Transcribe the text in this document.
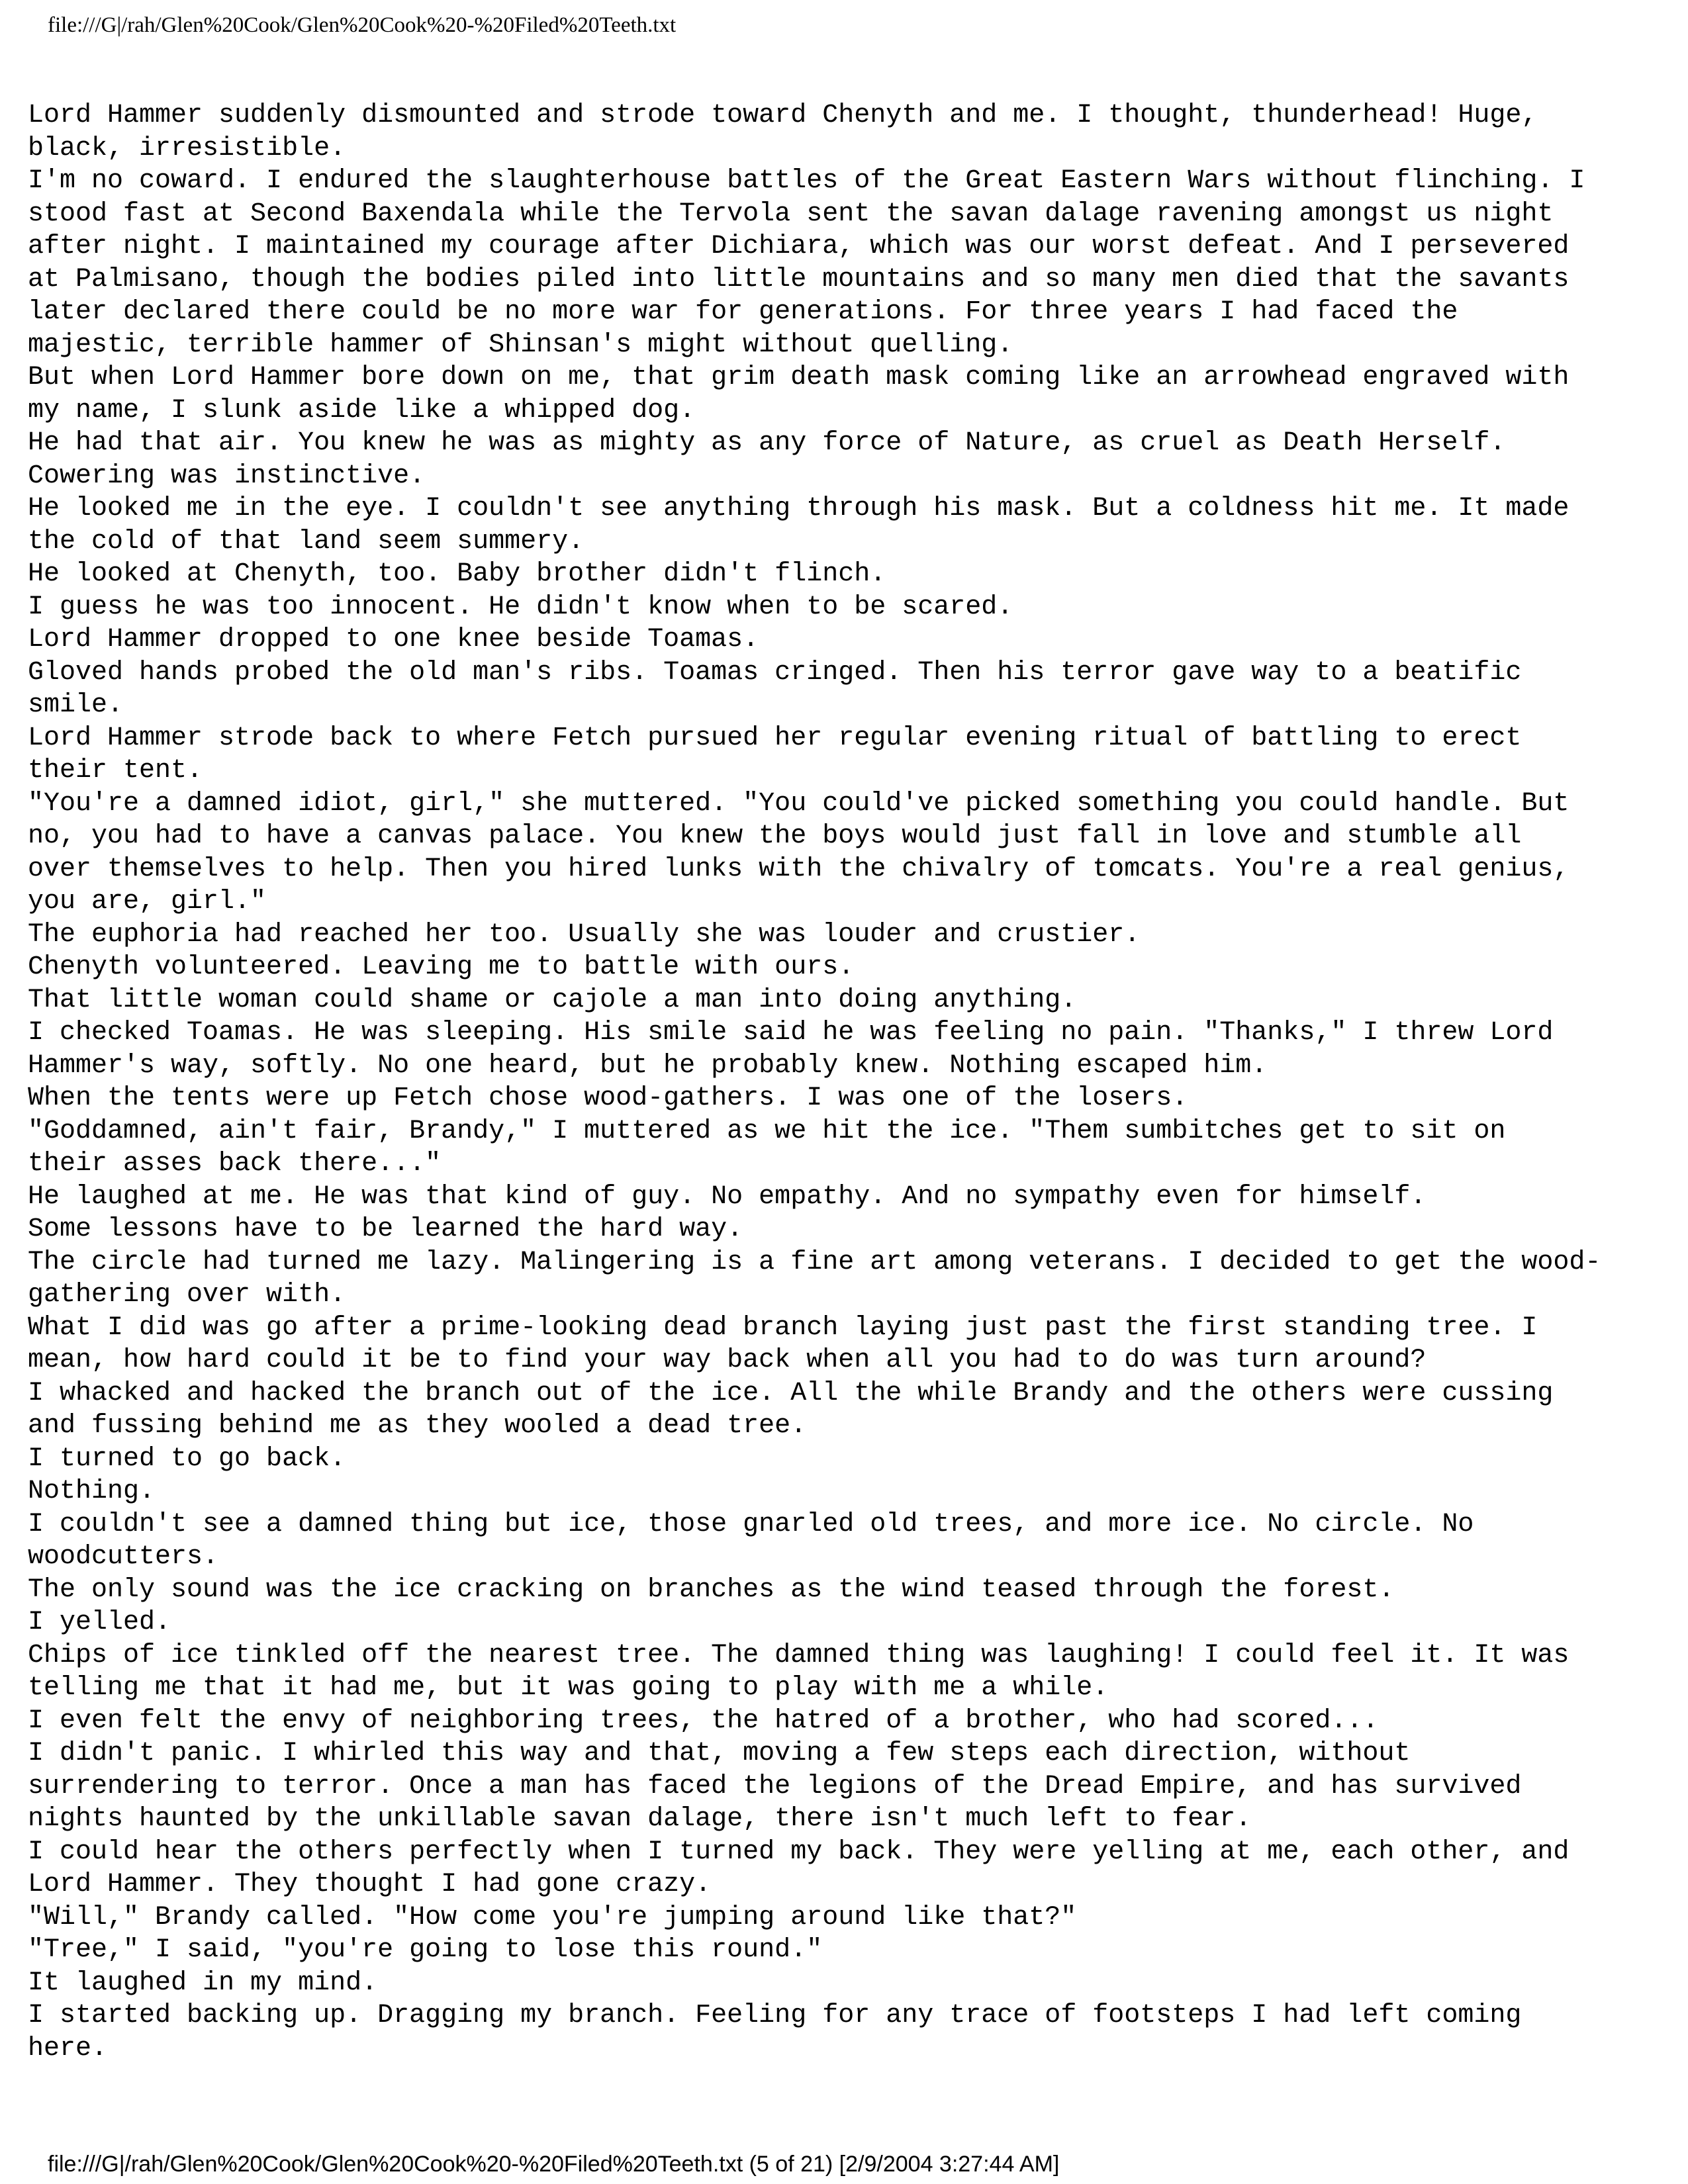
file:///G|/rah/Glen%20Cook/Glen%20Cook%20-%20Filed%20Teeth.txt
Lord Hammer suddenly dismounted and strode toward Chenyth and me. I thought, thunderhead! Huge,
black, irresistible.
I'm no coward. I endured the slaughterhouse battles of the Great Eastern Wars without flinching. I
stood fast at Second Baxendala while the Tervola sent the savan dalage ravening amongst us night
after night. I maintained my courage after Dichiara, which was our worst defeat. And I persevered
at Palmisano, though the bodies piled into little mountains and so many men died that the savants
later declared there could be no more war for generations. For three years I had faced the
majestic, terrible hammer of Shinsan's might without quelling.
But when Lord Hammer bore down on me, that grim death mask coming like an arrowhead engraved with
my name, I slunk aside like a whipped dog.
He had that air. You knew he was as mighty as any force of Nature, as cruel as Death Herself.
Cowering was instinctive.
He looked me in the eye. I couldn't see anything through his mask. But a coldness hit me. It made
the cold of that land seem summery.
He looked at Chenyth, too. Baby brother didn't flinch.
I guess he was too innocent. He didn't know when to be scared.
Lord Hammer dropped to one knee beside Toamas.
Gloved hands probed the old man's ribs. Toamas cringed. Then his terror gave way to a beatific
smile.
Lord Hammer strode back to where Fetch pursued her regular evening ritual of battling to erect
their tent.
"You're a damned idiot, girl," she muttered. "You could've picked something you could handle. But
no, you had to have a canvas palace. You knew the boys would just fall in love and stumble all
over themselves to help. Then you hired lunks with the chivalry of tomcats. You're a real genius,
you are, girl."
The euphoria had reached her too. Usually she was louder and crustier.
Chenyth volunteered. Leaving me to battle with ours.
That little woman could shame or cajole a man into doing anything.
I checked Toamas. He was sleeping. His smile said he was feeling no pain. "Thanks," I threw Lord
Hammer's way, softly. No one heard, but he probably knew. Nothing escaped him.
When the tents were up Fetch chose wood-gathers. I was one of the losers.
"Goddamned, ain't fair, Brandy," I muttered as we hit the ice. "Them sumbitches get to sit on
their asses back there..."
He laughed at me. He was that kind of guy. No empathy. And no sympathy even for himself.
Some lessons have to be learned the hard way.
The circle had turned me lazy. Malingering is a fine art among veterans. I decided to get the wood-
gathering over with.
What I did was go after a prime-looking dead branch laying just past the first standing tree. I
mean, how hard could it be to find your way back when all you had to do was turn around?
I whacked and hacked the branch out of the ice. All the while Brandy and the others were cussing
and fussing behind me as they wooled a dead tree.
I turned to go back.
Nothing.
I couldn't see a damned thing but ice, those gnarled old trees, and more ice. No circle. No
woodcutters.
The only sound was the ice cracking on branches as the wind teased through the forest.
I yelled.
Chips of ice tinkled off the nearest tree. The damned thing was laughing! I could feel it. It was
telling me that it had me, but it was going to play with me a while.
I even felt the envy of neighboring trees, the hatred of a brother, who had scored...
I didn't panic. I whirled this way and that, moving a few steps each direction, without
surrendering to terror. Once a man has faced the legions of the Dread Empire, and has survived
nights haunted by the unkillable savan dalage, there isn't much left to fear.
I could hear the others perfectly when I turned my back. They were yelling at me, each other, and
Lord Hammer. They thought I had gone crazy.
"Will," Brandy called. "How come you're jumping around like that?"
"Tree," I said, "you're going to lose this round."
It laughed in my mind.
I started backing up. Dragging my branch. Feeling for any trace of footsteps I had left coming
here.
file:///G|/rah/Glen%20Cook/Glen%20Cook%20-%20Filed%20Teeth.txt (5 of 21) [2/9/2004 3:27:44 AM]
